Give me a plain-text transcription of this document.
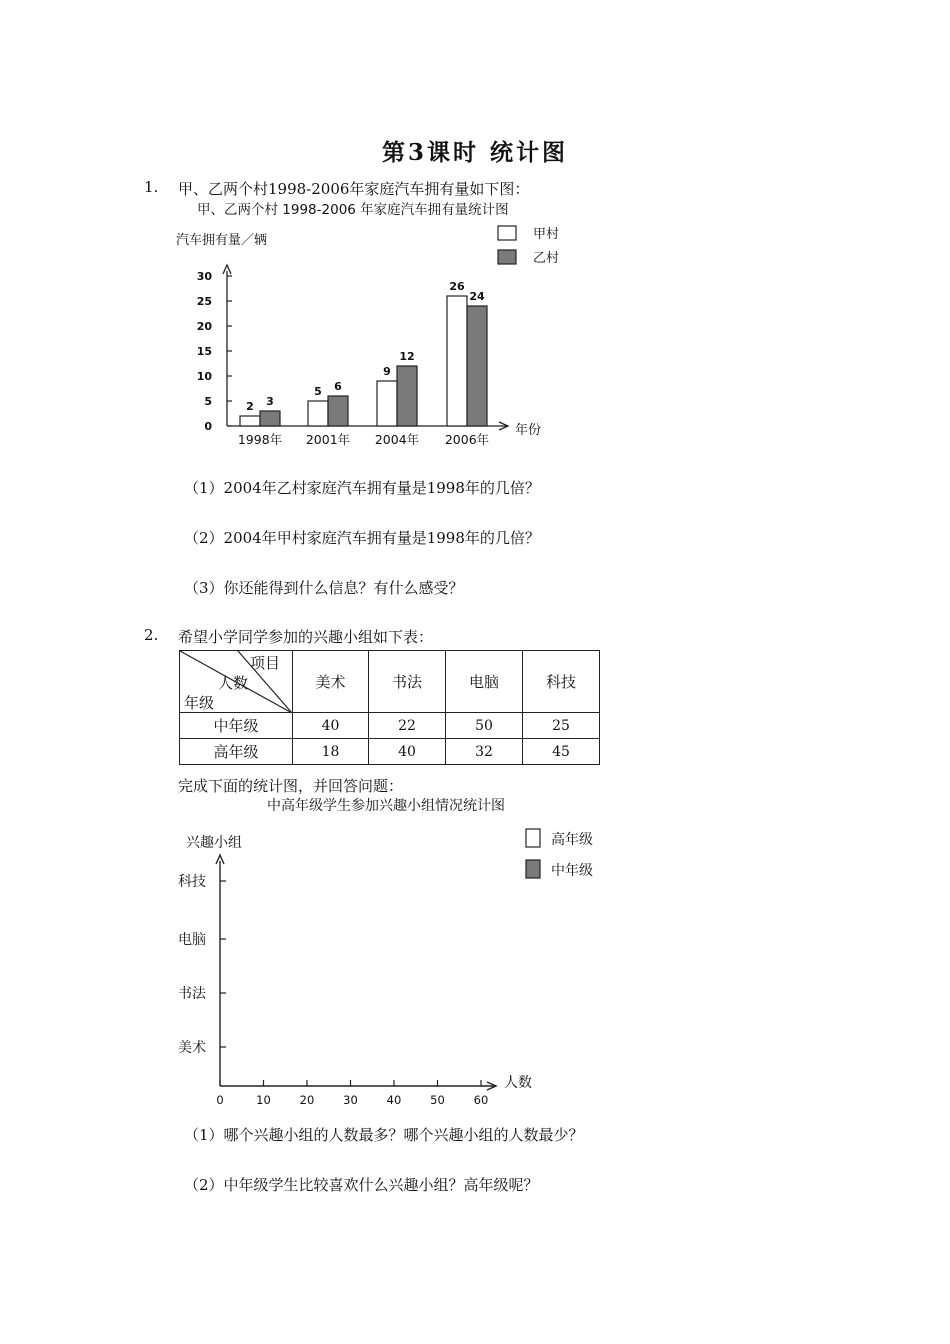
第3课时 统计图
1. 甲、乙两个村1998-2006年家庭汽车拥有量如下图：
甲、乙两个村 1998-2006 年家庭汽车拥有量统计图
汽车拥有量／辆
年份
甲村
乙村
0
5
10
15
20
25
30
1998年 2001年 2004年 2006年
2 3
5 6
9
12
26
24
（1）2004年乙村家庭汽车拥有量是1998年的几倍？
（2）2004年甲村家庭汽车拥有量是1998年的几倍？
（3）你还能得到什么信息？有什么感受？
2. 希望小学同学参加的兴趣小组如下表：
项目
人数
年级	美术	书法	电脑	科技
中年级	40	22	50	25
高年级	18	40	32	45
完成下面的统计图，并回答问题：
中高年级学生参加兴趣小组情况统计图
兴趣小组
人数
高年级
中年级
0	10	20	30	40	50	60
科技
电脑
书法
美术
（1）哪个兴趣小组的人数最多？哪个兴趣小组的人数最少？
（2）中年级学生比较喜欢什么兴趣小组？高年级呢？
